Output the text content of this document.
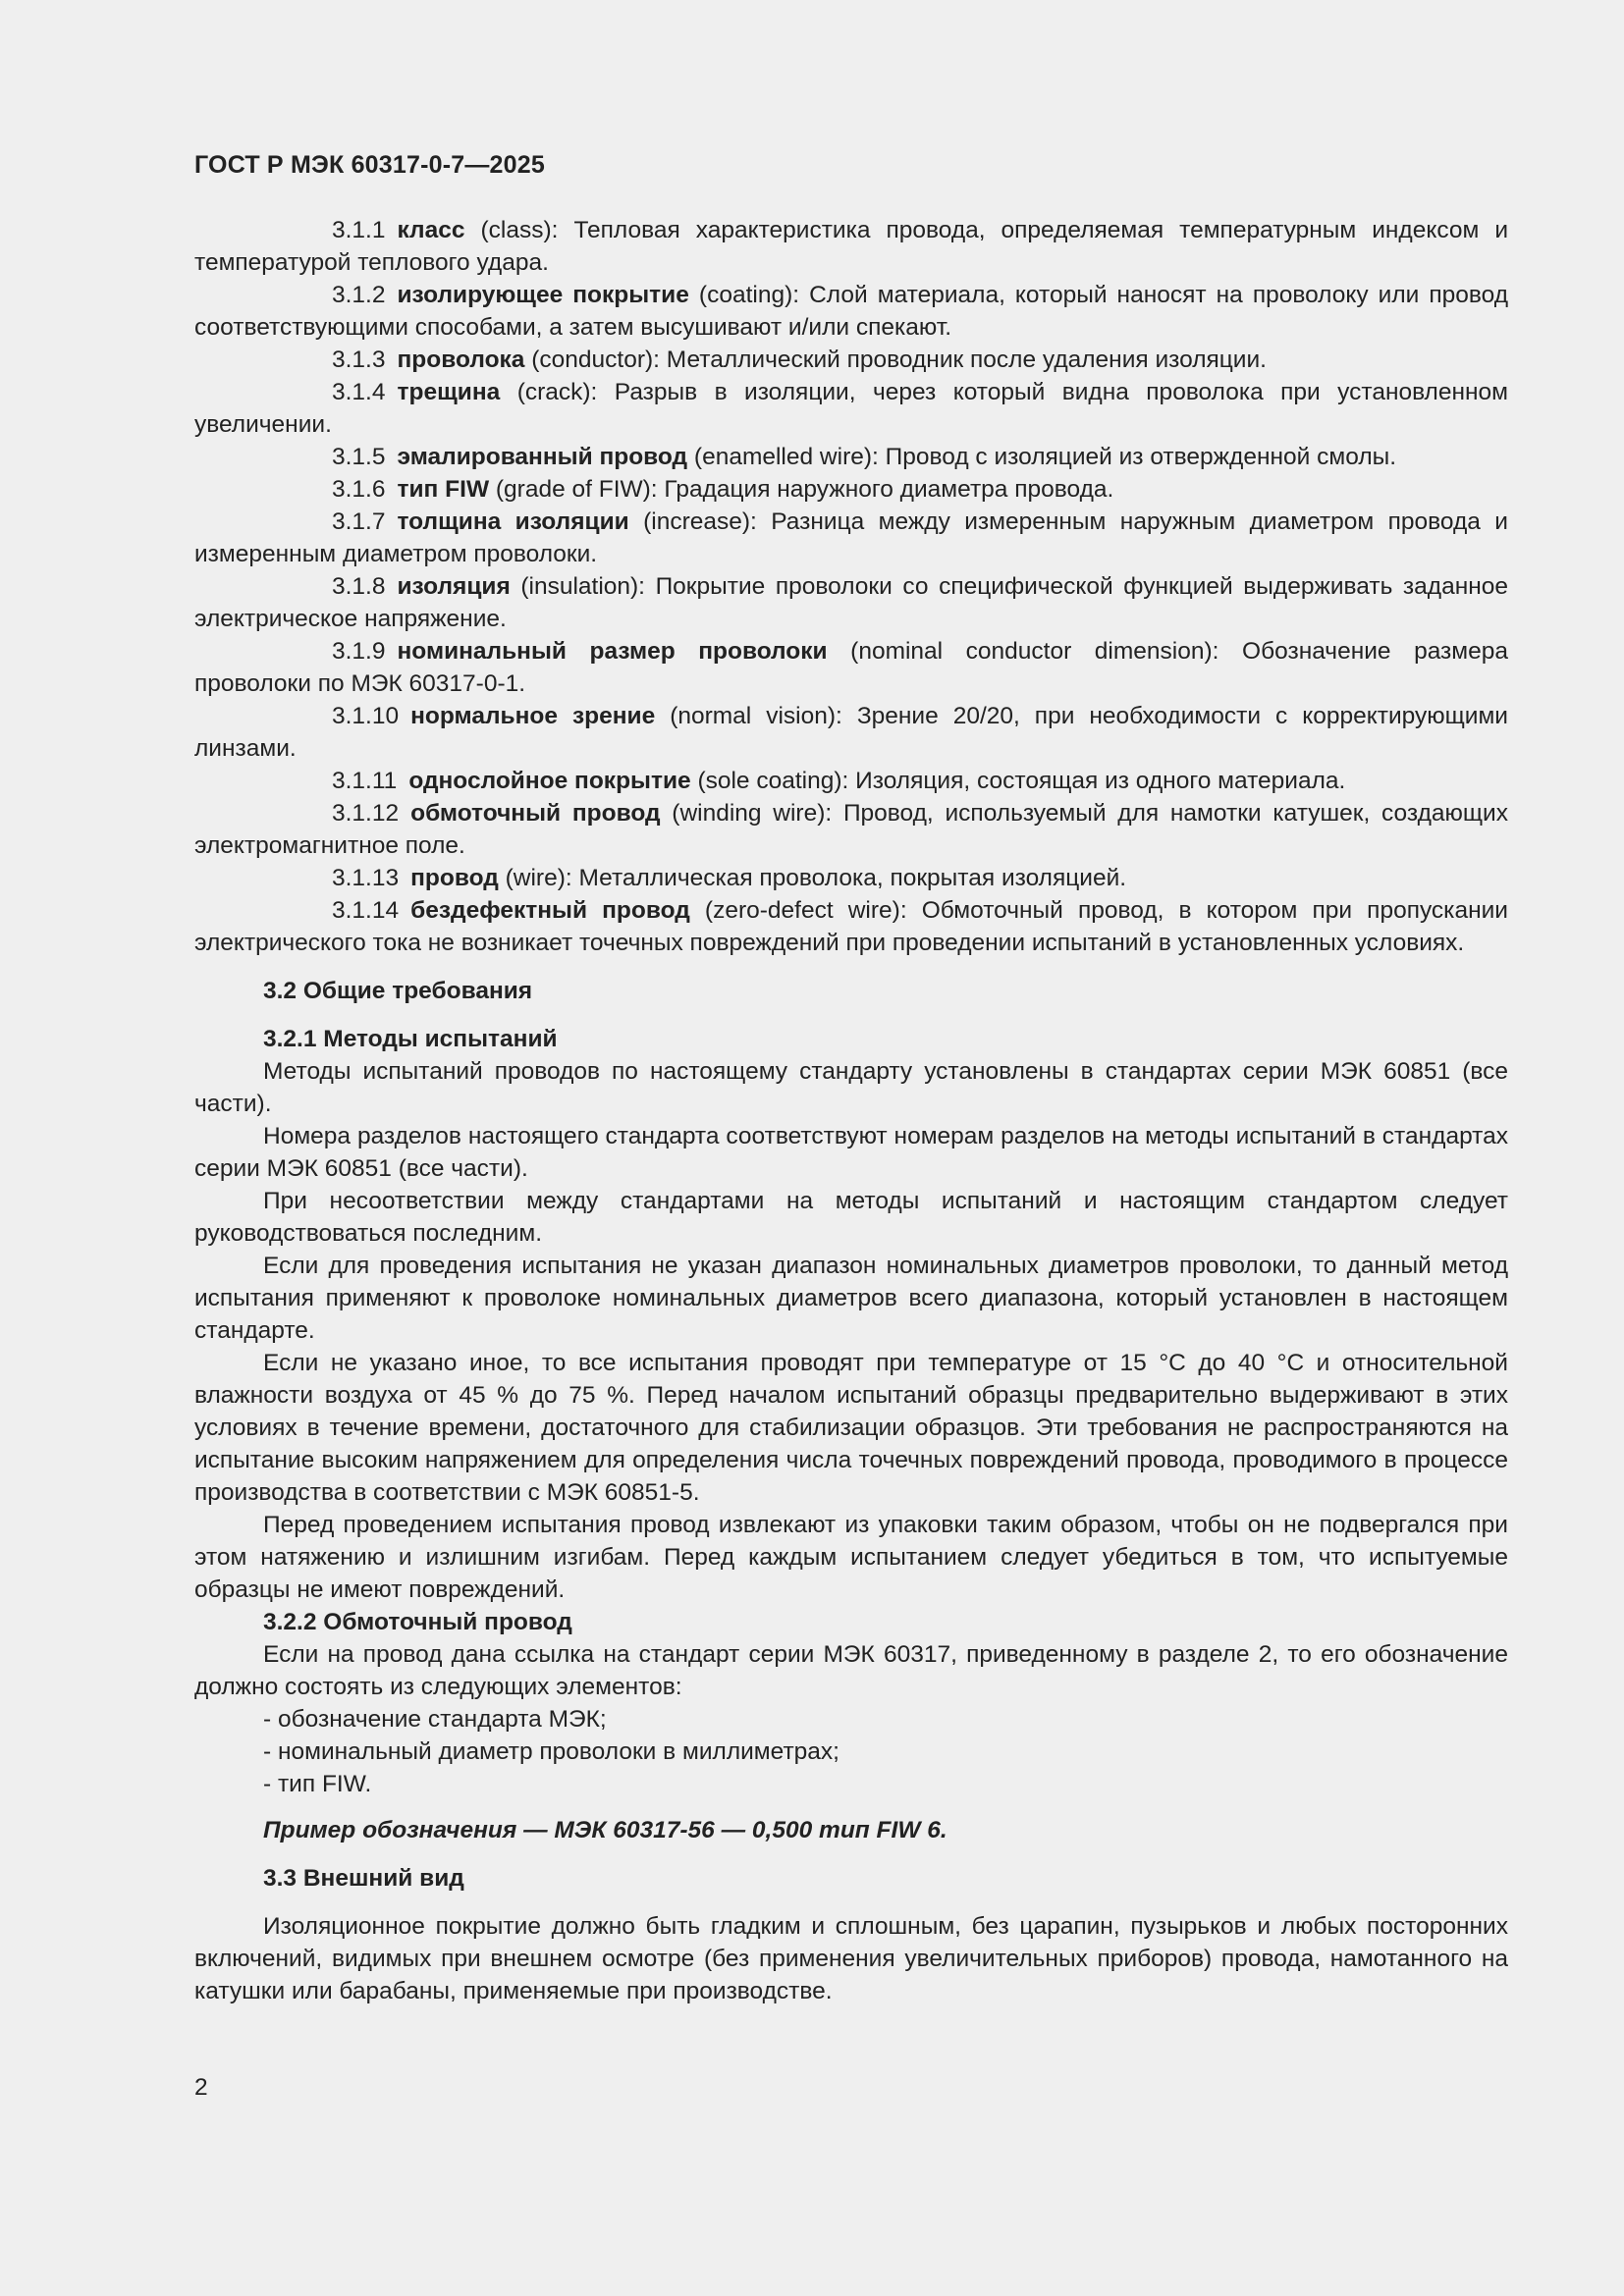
ГОСТ Р МЭК 60317-0-7—2025

3.1.1 класс (class): Тепловая характеристика провода, определяемая температурным индексом и температурой теплового удара.

3.1.2 изолирующее покрытие (coating): Слой материала, который наносят на проволоку или провод соответствующими способами, а затем высушивают и/или спекают.

3.1.3 проволока (conductor): Металлический проводник после удаления изоляции.

3.1.4 трещина (crack): Разрыв в изоляции, через который видна проволока при установленном увеличении.

3.1.5 эмалированный провод (enamelled wire): Провод с изоляцией из отвержденной смолы.

3.1.6 тип FIW (grade of FIW): Градация наружного диаметра провода.

3.1.7 толщина изоляции (increase): Разница между измеренным наружным диаметром провода и измеренным диаметром проволоки.

3.1.8 изоляция (insulation): Покрытие проволоки со специфической функцией выдерживать заданное электрическое напряжение.

3.1.9 номинальный размер проволоки (nominal conductor dimension): Обозначение размера проволоки по МЭК 60317-0-1.

3.1.10 нормальное зрение (normal vision): Зрение 20/20, при необходимости с корректирующими линзами.

3.1.11 однослойное покрытие (sole coating): Изоляция, состоящая из одного материала.

3.1.12 обмоточный провод (winding wire): Провод, используемый для намотки катушек, создающих электромагнитное поле.

3.1.13 провод (wire): Металлическая проволока, покрытая изоляцией.

3.1.14 бездефектный провод (zero-defect wire): Обмоточный провод, в котором при пропускании электрического тока не возникает точечных повреждений при проведении испытаний в установленных условиях.

3.2 Общие требования
3.2.1 Методы испытаний

Методы испытаний проводов по настоящему стандарту установлены в стандартах серии МЭК 60851 (все части).

Номера разделов настоящего стандарта соответствуют номерам разделов на методы испытаний в стандартах серии МЭК 60851 (все части).

При несоответствии между стандартами на методы испытаний и настоящим стандартом следует руководствоваться последним.

Если для проведения испытания не указан диапазон номинальных диаметров проволоки, то данный метод испытания применяют к проволоке номинальных диаметров всего диапазона, который установлен в настоящем стандарте.

Если не указано иное, то все испытания проводят при температуре от 15 °С до 40 °С и относительной влажности воздуха от 45 % до 75 %. Перед началом испытаний образцы предварительно выдерживают в этих условиях в течение времени, достаточного для стабилизации образцов. Эти требования не распространяются на испытание высоким напряжением для определения числа точечных повреждений провода, проводимого в процессе производства в соответствии с МЭК 60851-5.

Перед проведением испытания провод извлекают из упаковки таким образом, чтобы он не подвергался при этом натяжению и излишним изгибам. Перед каждым испытанием следует убедиться в том, что испытуемые образцы не имеют повреждений.

3.2.2 Обмоточный провод

Если на провод дана ссылка на стандарт серии МЭК 60317, приведенному в разделе 2, то его обозначение должно состоять из следующих элементов:

- обозначение стандарта МЭК;
- номинальный диаметр проволоки в миллиметрах;
- тип FIW.
Пример обозначения — МЭК 60317-56 — 0,500 тип FIW 6.
3.3 Внешний вид

Изоляционное покрытие должно быть гладким и сплошным, без царапин, пузырьков и любых посторонних включений, видимых при внешнем осмотре (без применения увеличительных приборов) провода, намотанного на катушки или барабаны, применяемые при производстве.

2
